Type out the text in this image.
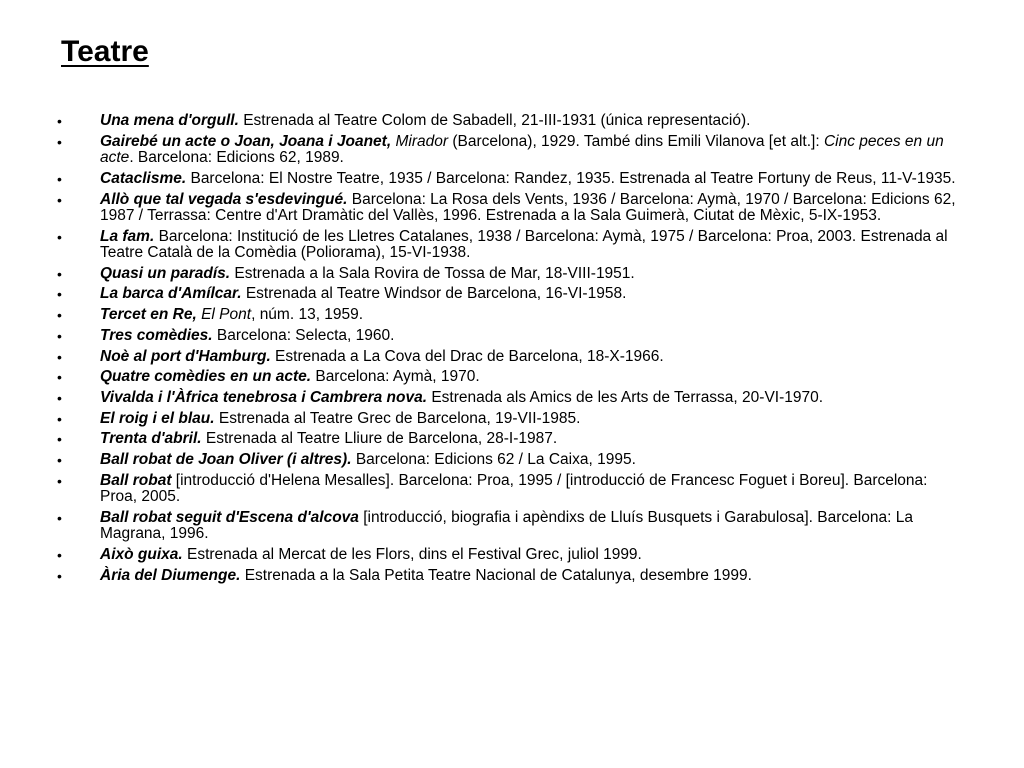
Teatre
•
Una mena d'orgull. Estrenada al Teatre Colom de Sabadell, 21-III-1931 (única representació).
•
Gairebé un acte o Joan, Joana i Joanet, Mirador (Barcelona), 1929. També dins Emili Vilanova [et alt.]: Cinc peces en un acte. Barcelona: Edicions 62, 1989.
•
Cataclisme. Barcelona: El Nostre Teatre, 1935 / Barcelona: Randez, 1935. Estrenada al Teatre Fortuny de Reus, 11-V-1935.
•
Allò que tal vegada s'esdevingué. Barcelona: La Rosa dels Vents, 1936 / Barcelona: Aymà, 1970 / Barcelona: Edicions 62, 1987 / Terrassa: Centre d'Art Dramàtic del Vallès, 1996. Estrenada a la Sala Guimerà, Ciutat de Mèxic, 5-IX-1953.
•
La fam. Barcelona: Institució de les Lletres Catalanes, 1938 / Barcelona: Aymà, 1975 / Barcelona: Proa, 2003. Estrenada al Teatre Català de la Comèdia (Poliorama), 15-VI-1938.
•
Quasi un paradís. Estrenada a la Sala Rovira de Tossa de Mar, 18-VIII-1951.
•
La barca d'Amílcar. Estrenada al Teatre Windsor de Barcelona, 16-VI-1958.
•
Tercet en Re, El Pont, núm. 13, 1959.
•
Tres comèdies. Barcelona: Selecta, 1960.
•
Noè al port d'Hamburg. Estrenada a La Cova del Drac de Barcelona, 18-X-1966.
•
Quatre comèdies en un acte. Barcelona: Aymà, 1970.
•
Vivalda i l'Àfrica tenebrosa i Cambrera nova. Estrenada als Amics de les Arts de Terrassa, 20-VI-1970.
•
El roig i el blau. Estrenada al Teatre Grec de Barcelona, 19-VII-1985.
•
Trenta d'abril. Estrenada al Teatre Lliure de Barcelona, 28-I-1987.
•
Ball robat de Joan Oliver (i altres). Barcelona: Edicions 62 / La Caixa, 1995.
•
Ball robat [introducció d'Helena Mesalles]. Barcelona: Proa, 1995 / [introducció de Francesc Foguet i Boreu]. Barcelona: Proa, 2005.
•
Ball robat seguit d'Escena d'alcova [introducció, biografia i apèndixs de Lluís Busquets i Garabulosa]. Barcelona: La Magrana, 1996.
•
Això guixa. Estrenada al Mercat de les Flors, dins el Festival Grec, juliol 1999.
•
Ària del Diumenge. Estrenada a la Sala Petita Teatre Nacional de Catalunya, desembre 1999.
